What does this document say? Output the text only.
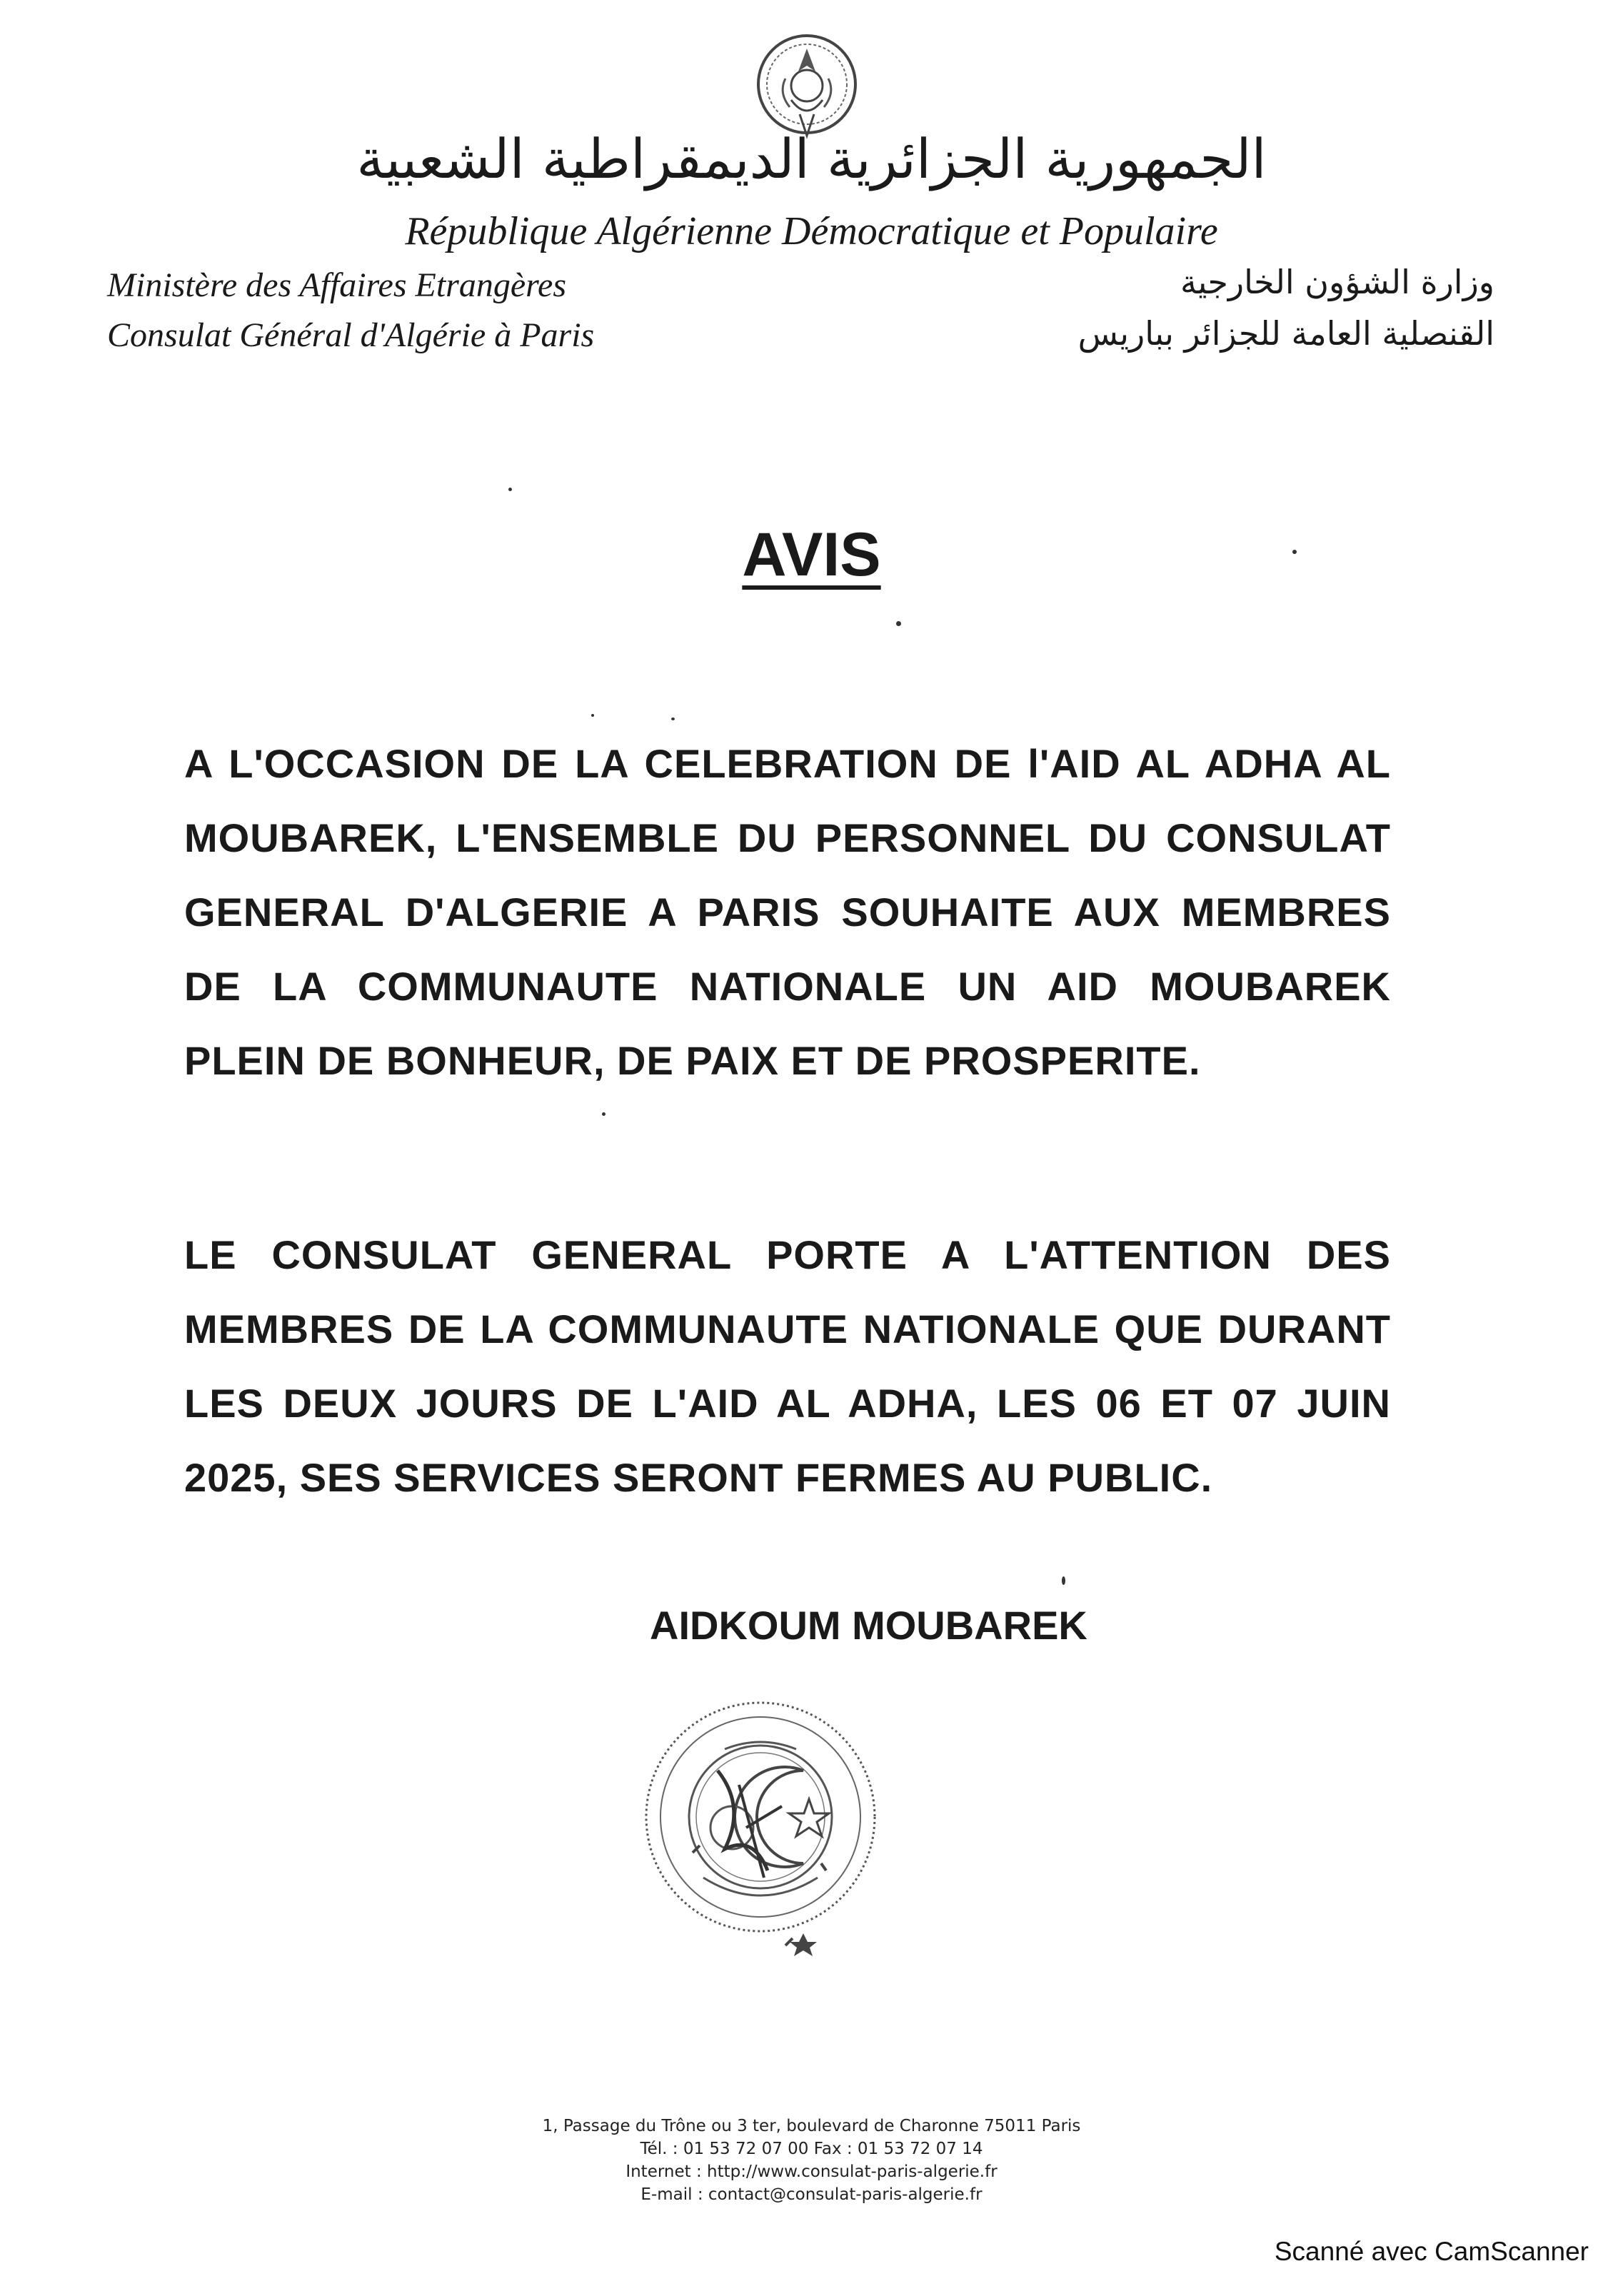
الجمهورية الجزائرية الديمقراطية الشعبية
République Algérienne Démocratique et Populaire
Ministère des Affaires Etrangères
Consulat Général d'Algérie à Paris
وزارة الشؤون الخارجية
القنصلية العامة للجزائر بباريس
AVIS
A L'OCCASION DE LA CELEBRATION DE l'AID AL ADHA AL MOUBAREK, L'ENSEMBLE DU PERSONNEL DU CONSULAT GENERAL D'ALGERIE A PARIS SOUHAITE AUX MEMBRES DE LA COMMUNAUTE NATIONALE UN AID MOUBAREK PLEIN DE BONHEUR, DE PAIX ET DE PROSPERITE.
LE CONSULAT GENERAL PORTE A L'ATTENTION DES MEMBRES DE LA COMMUNAUTE NATIONALE QUE DURANT LES DEUX JOURS DE L'AID AL ADHA, LES 06 ET 07 JUIN 2025, SES SERVICES SERONT FERMES AU PUBLIC.
AIDKOUM MOUBAREK
1, Passage du Trône ou 3 ter, boulevard de Charonne 75011 Paris
Tél. : 01 53 72 07 00 Fax : 01 53 72 07 14
Internet : http://www.consulat-paris-algerie.fr
E-mail : contact@consulat-paris-algerie.fr
Scanné avec CamScanner
